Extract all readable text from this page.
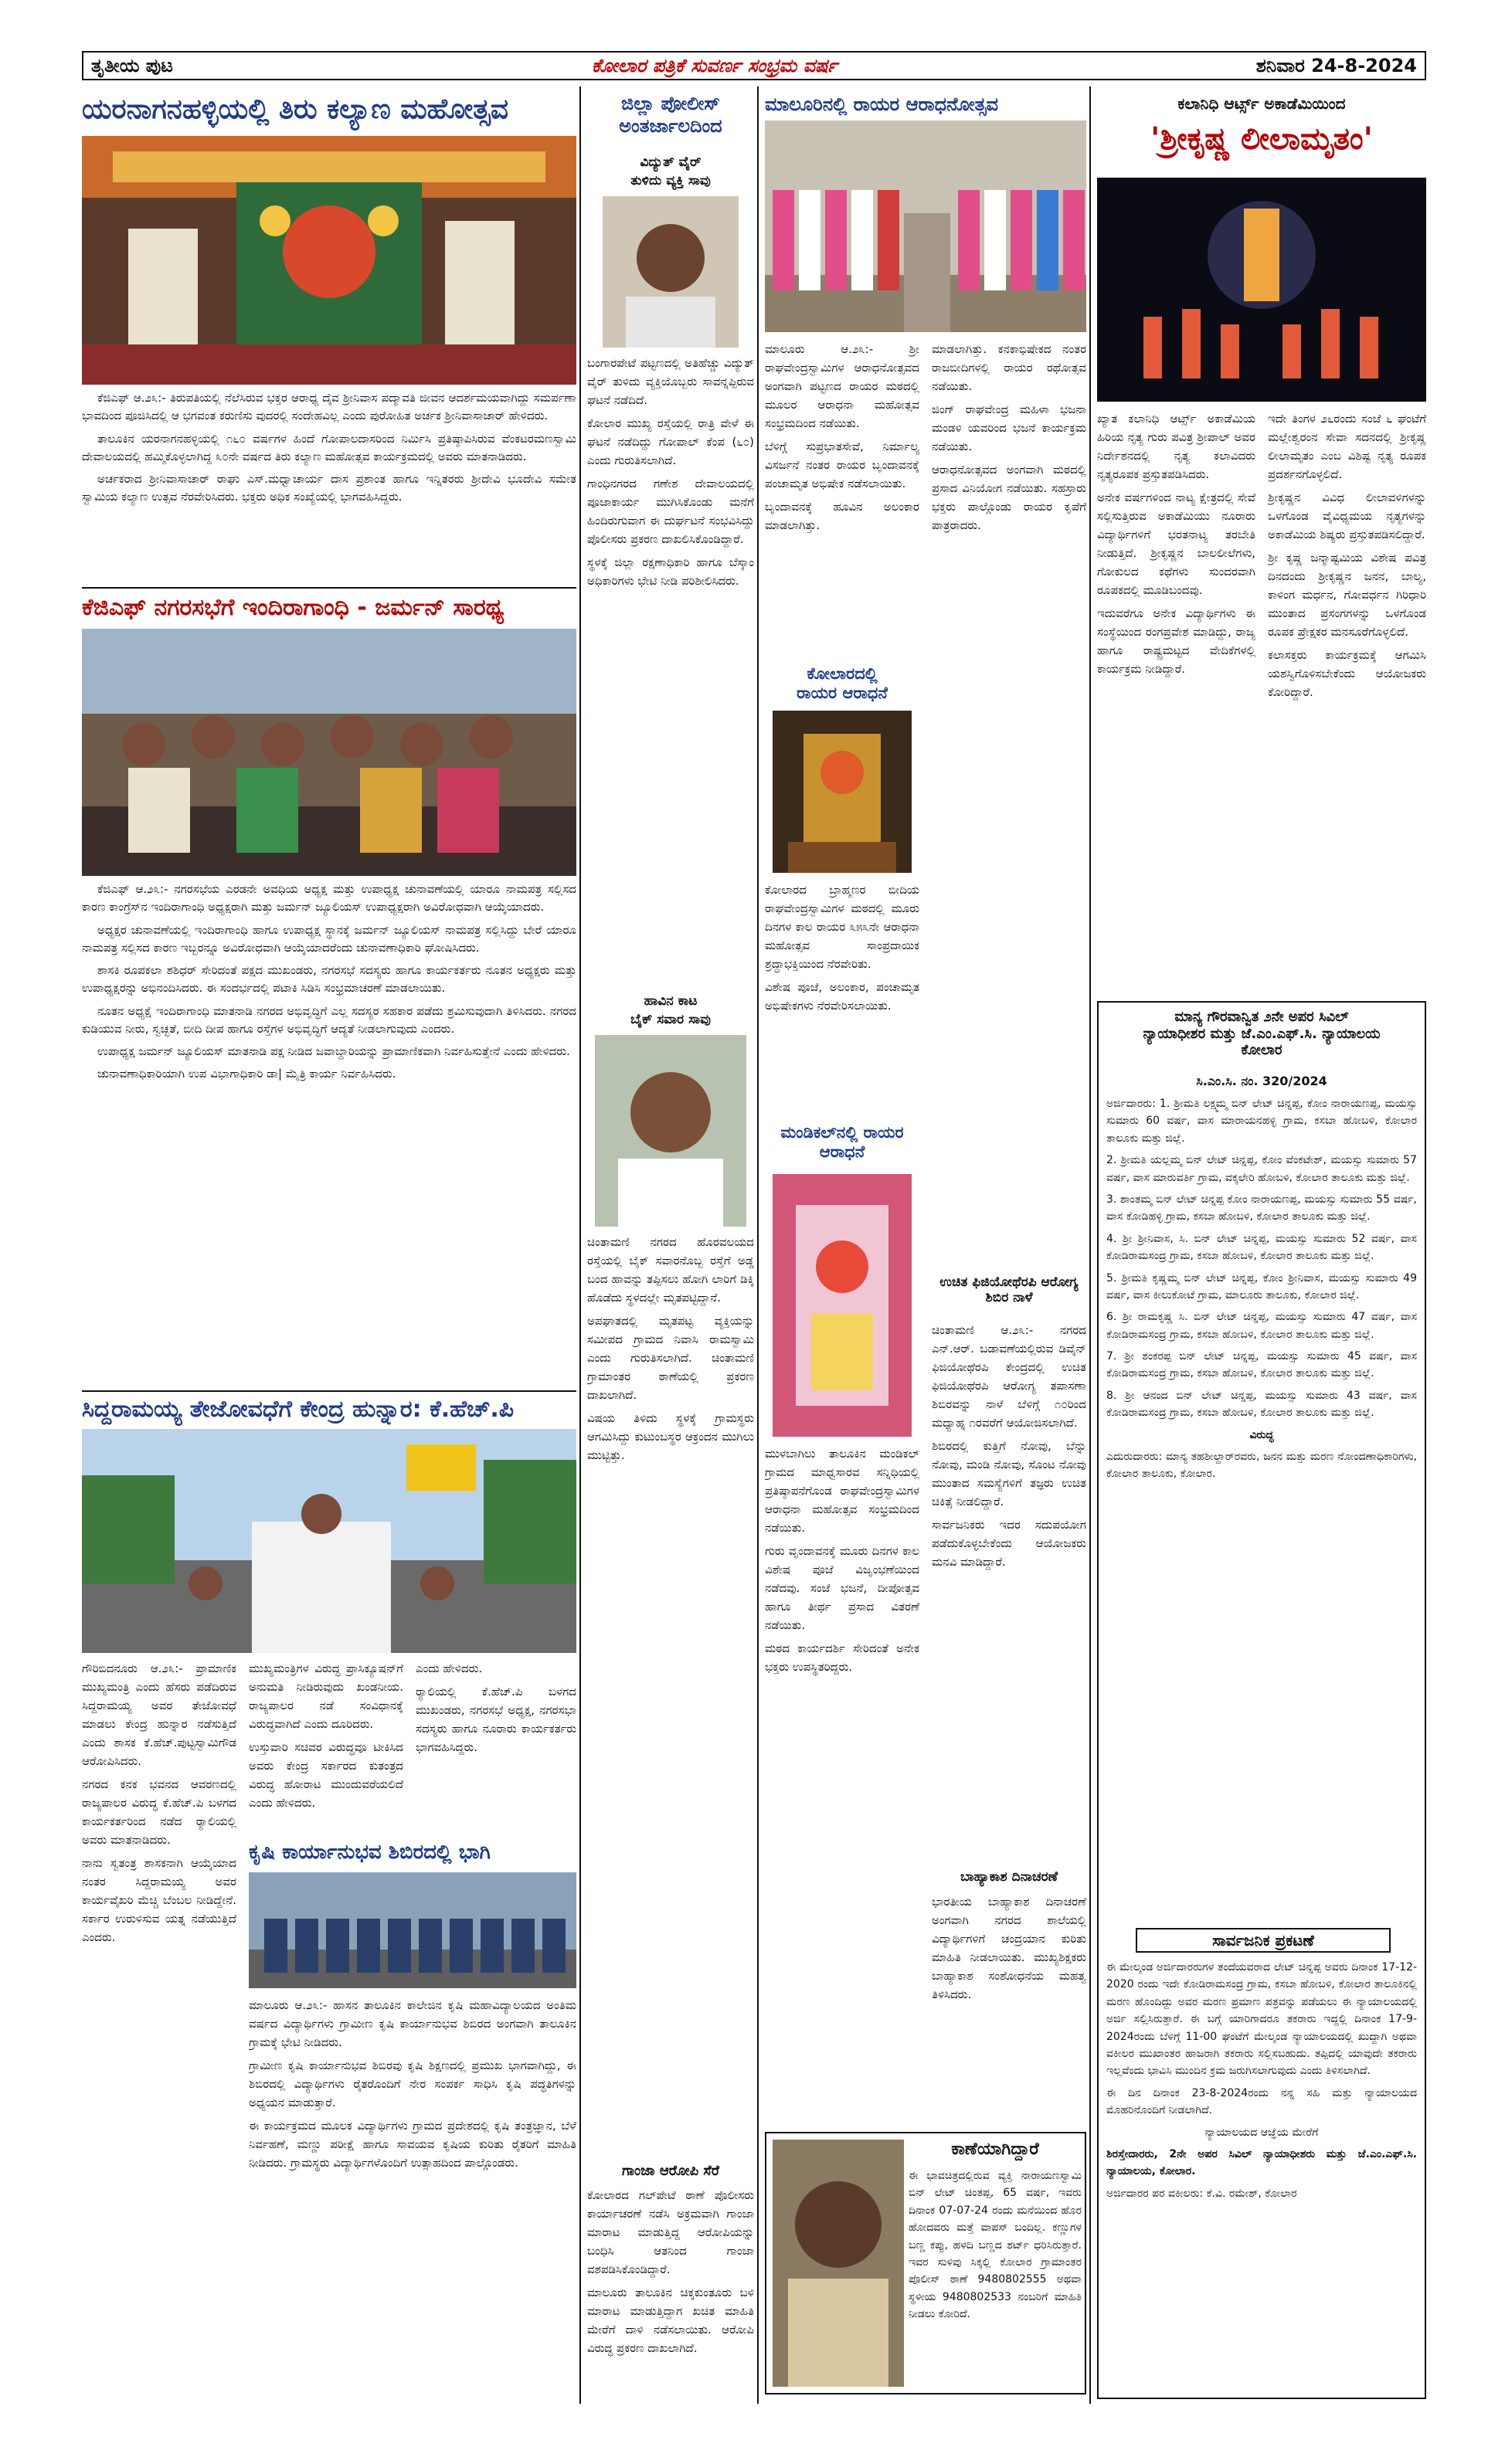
ತೃತೀಯ ಪುಟ	ಕೋಲಾರ ಪತ್ರಿಕೆ ಸುವರ್ಣ ಸಂಭ್ರಮ ವರ್ಷ	ಶನಿವಾರ 24-8-2024
ಯರನಾಗನಹಳ್ಳಿಯಲ್ಲಿ ತಿರು ಕಲ್ಯಾಣ ಮಹೋತ್ಸವ

ಕೆಜಿಎಫ್ ಆ.೨೩:- ತಿರುಪತಿಯಲ್ಲಿ ನೆಲೆಸಿರುವ ಭಕ್ತರ ಆರಾಧ್ಯ ದೈವ ಶ್ರೀನಿವಾಸ ಪದ್ಮಾವತಿ ಜೀವನ ಆದರ್ಶಮಯವಾಗಿದ್ದು ಸಮರ್ಪಣಾ ಭಾವದಿಂದ ಪೂಜಿಸಿದಲ್ಲಿ ಆ ಭಗವಂತ ಕರುಣಿಸು ವುದರಲ್ಲಿ ಸಂದೇಹವಿಲ್ಲ ಎಂದು ಪುರೋಹಿತ ಅರ್ಚಕ ಶ್ರೀನಿವಾಸಾಚಾರ್ ಹೇಳಿದರು.

ತಾಲೂಕಿನ ಯರನಾಗನಹಳ್ಳಿಯಲ್ಲಿ ೧೬೦ ವರ್ಷಗಳ ಹಿಂದೆ ಗೋಪಾಲದಾಸರಿಂದ ನಿರ್ಮಿಸಿ ಪ್ರತಿಷ್ಠಾಪಿಸಿರುವ ವೆಂಕಟರಮಣಸ್ವಾಮಿ ದೇವಾಲಯದಲ್ಲಿ ಹಮ್ಮಿಕೊಳ್ಳಲಾಗಿದ್ದ ೩೦ನೇ ವರ್ಷದ ತಿರು ಕಲ್ಯಾಣ ಮಹೋತ್ಸವ ಕಾರ್ಯಕ್ರಮದಲ್ಲಿ ಅವರು ಮಾತನಾಡಿದರು.

ಅರ್ಚಕರಾದ ಶ್ರೀನಿವಾಸಾಚಾರ್ ರಾಘು ಎಸ್.ಮಧ್ವಾಚಾರ್ಯ ದಾಸ ಪ್ರಶಾಂತ ಹಾಗೂ ಇನ್ನಿತರರು ಶ್ರೀದೇವಿ ಭೂದೇವಿ ಸಮೇತ ಸ್ವಾಮಿಯ ಕಲ್ಯಾಣ ಉತ್ಸವ ನೆರವೇರಿಸಿದರು. ಭಕ್ತರು ಅಧಿಕ ಸಂಖ್ಯೆಯಲ್ಲಿ ಭಾಗವಹಿಸಿದ್ದರು.

ಕೆಜಿಎಫ್ ನಗರಸಭೆಗೆ ಇಂದಿರಾಗಾಂಧಿ - ಜರ್ಮನ್ ಸಾರಥ್ಯ

ಕೆಜಿಎಫ್ ಆ.೨೩:- ನಗರಸಭೆಯ ಎರಡನೇ ಅವಧಿಯ ಅಧ್ಯಕ್ಷ ಮತ್ತು ಉಪಾಧ್ಯಕ್ಷ ಚುನಾವಣೆಯಲ್ಲಿ ಯಾರೂ ನಾಮಪತ್ರ ಸಲ್ಲಿಸದ ಕಾರಣ ಕಾಂಗ್ರೆಸ್‌ನ ಇಂದಿರಾಗಾಂಧಿ ಅಧ್ಯಕ್ಷರಾಗಿ ಮತ್ತು ಜರ್ಮನ್ ಜ್ಯೂಲಿಯಸ್ ಉಪಾಧ್ಯಕ್ಷರಾಗಿ ಅವಿರೋಧವಾಗಿ ಆಯ್ಕೆಯಾದರು.

ಅಧ್ಯಕ್ಷರ ಚುನಾವಣೆಯಲ್ಲಿ ಇಂದಿರಾಗಾಂಧಿ ಹಾಗೂ ಉಪಾಧ್ಯಕ್ಷ ಸ್ಥಾನಕ್ಕೆ ಜರ್ಮನ್ ಜ್ಯೂಲಿಯಸ್ ನಾಮಪತ್ರ ಸಲ್ಲಿಸಿದ್ದು ಬೇರೆ ಯಾರೂ ನಾಮಪತ್ರ ಸಲ್ಲಿಸದ ಕಾರಣ ಇಬ್ಬರನ್ನೂ ಅವಿರೋಧವಾಗಿ ಆಯ್ಕೆಯಾದರೆಂದು ಚುನಾವಣಾಧಿಕಾರಿ ಘೋಷಿಸಿದರು.

ಶಾಸಕಿ ರೂಪಕಲಾ ಶಶಿಧರ್ ಸೇರಿದಂತೆ ಪಕ್ಷದ ಮುಖಂಡರು, ನಗರಸಭೆ ಸದಸ್ಯರು ಹಾಗೂ ಕಾರ್ಯಕರ್ತರು ನೂತನ ಅಧ್ಯಕ್ಷರು ಮತ್ತು ಉಪಾಧ್ಯಕ್ಷರನ್ನು ಅಭಿನಂದಿಸಿದರು. ಈ ಸಂದರ್ಭದಲ್ಲಿ ಪಟಾಕಿ ಸಿಡಿಸಿ ಸಂಭ್ರಮಾಚರಣೆ ಮಾಡಲಾಯಿತು.

ನೂತನ ಅಧ್ಯಕ್ಷೆ ಇಂದಿರಾಗಾಂಧಿ ಮಾತನಾಡಿ ನಗರದ ಅಭಿವೃದ್ಧಿಗೆ ಎಲ್ಲ ಸದಸ್ಯರ ಸಹಕಾರ ಪಡೆದು ಶ್ರಮಿಸುವುದಾಗಿ ತಿಳಿಸಿದರು. ನಗರದ ಕುಡಿಯುವ ನೀರು, ಸ್ವಚ್ಛತೆ, ಬೀದಿ ದೀಪ ಹಾಗೂ ರಸ್ತೆಗಳ ಅಭಿವೃದ್ಧಿಗೆ ಆದ್ಯತೆ ನೀಡಲಾಗುವುದು ಎಂದರು.

ಉಪಾಧ್ಯಕ್ಷ ಜರ್ಮನ್ ಜ್ಯೂಲಿಯಸ್ ಮಾತನಾಡಿ ಪಕ್ಷ ನೀಡಿದ ಜವಾಬ್ದಾರಿಯನ್ನು ಪ್ರಾಮಾಣಿಕವಾಗಿ ನಿರ್ವಹಿಸುತ್ತೇನೆ ಎಂದು ಹೇಳಿದರು.

ಚುನಾವಣಾಧಿಕಾರಿಯಾಗಿ ಉಪ ವಿಭಾಗಾಧಿಕಾರಿ ಡಾ| ಮೈತ್ರಿ ಕಾರ್ಯ ನಿರ್ವಹಿಸಿದರು.

ಸಿದ್ದರಾಮಯ್ಯ ತೇಜೋವಧೆಗೆ ಕೇಂದ್ರ ಹುನ್ನಾರ: ಕೆ.ಹೆಚ್.ಪಿ

ಗೌರಿಬಿದನೂರು ಆ.೨೩:- ಪ್ರಾಮಾಣಿಕ ಮುಖ್ಯಮಂತ್ರಿ ಎಂದು ಹೆಸರು ಪಡೆದಿರುವ ಸಿದ್ದರಾಮಯ್ಯ ಅವರ ತೇಜೋವಧೆ ಮಾಡಲು ಕೇಂದ್ರ ಹುನ್ನಾರ ನಡೆಸುತ್ತಿದೆ ಎಂದು ಶಾಸಕ ಕೆ.ಹೆಚ್.ಪುಟ್ಟಸ್ವಾಮಿಗೌಡ ಆರೋಪಿಸಿದರು.

ನಗರದ ಕನಕ ಭವನದ ಆವರಣದಲ್ಲಿ ರಾಜ್ಯಪಾಲರ ವಿರುದ್ಧ ಕೆ.ಹೆಚ್.ಪಿ ಬಳಗದ ಕಾರ್ಯಕರ್ತರಿಂದ ನಡೆದ ರ್‍ಯಾಲಿಯಲ್ಲಿ ಅವರು ಮಾತನಾಡಿದರು.

ನಾನು ಸ್ವತಂತ್ರ ಶಾಸಕನಾಗಿ ಆಯ್ಕೆಯಾದ ನಂತರ ಸಿದ್ದರಾಮಯ್ಯ ಅವರ ಕಾರ್ಯವೈಖರಿ ಮೆಚ್ಚಿ ಬೆಂಬಲ ನೀಡಿದ್ದೇನೆ. ಸರ್ಕಾರ ಉರುಳಿಸುವ ಯತ್ನ ನಡೆಯುತ್ತಿದೆ ಎಂದರು.

ಮುಖ್ಯಮಂತ್ರಿಗಳ ವಿರುದ್ಧ ಪ್ರಾಸಿಕ್ಯೂಷನ್‌ಗೆ ಅನುಮತಿ ನೀಡಿರುವುದು ಖಂಡನೀಯ. ರಾಜ್ಯಪಾಲರ ನಡೆ ಸಂವಿಧಾನಕ್ಕೆ ವಿರುದ್ಧವಾಗಿದೆ ಎಂದು ದೂರಿದರು.

ಉಸ್ತುವಾರಿ ಸಚಿವರ ವಿರುದ್ಧವೂ ಟೀಕಿಸಿದ ಅವರು ಕೇಂದ್ರ ಸರ್ಕಾರದ ಕುತಂತ್ರದ ವಿರುದ್ಧ ಹೋರಾಟ ಮುಂದುವರೆಯಲಿದೆ ಎಂದು ಹೇಳಿದರು.

ಎಂದು ಹೇಳಿದರು.

ರ್‍ಯಾಲಿಯಲ್ಲಿ ಕೆ.ಹೆಚ್.ಪಿ ಬಳಗದ ಮುಖಂಡರು, ನಗರಸಭೆ ಅಧ್ಯಕ್ಷ, ನಗರಸಭಾ ಸದಸ್ಯರು ಹಾಗೂ ನೂರಾರು ಕಾರ್ಯಕರ್ತರು ಭಾಗವಹಿಸಿದ್ದರು.

ಕೃಷಿ ಕಾರ್ಯಾನುಭವ ಶಿಬಿರದಲ್ಲಿ ಭಾಗಿ

ಮಾಲೂರು ಆ.೨೩:- ಹಾಸನ ತಾಲೂಕಿನ ಕಾಲೇಜಿನ ಕೃಷಿ ಮಹಾವಿದ್ಯಾಲಯದ ಅಂತಿಮ ವರ್ಷದ ವಿದ್ಯಾರ್ಥಿಗಳು ಗ್ರಾಮೀಣ ಕೃಷಿ ಕಾರ್ಯಾನುಭವ ಶಿಬಿರದ ಅಂಗವಾಗಿ ತಾಲೂಕಿನ ಗ್ರಾಮಕ್ಕೆ ಭೇಟಿ ನೀಡಿದರು.

ಗ್ರಾಮೀಣ ಕೃಷಿ ಕಾರ್ಯಾನುಭವ ಶಿಬಿರವು ಕೃಷಿ ಶಿಕ್ಷಣದಲ್ಲಿ ಪ್ರಮುಖ ಭಾಗವಾಗಿದ್ದು, ಈ ಶಿಬಿರದಲ್ಲಿ ವಿದ್ಯಾರ್ಥಿಗಳು ರೈತರೊಂದಿಗೆ ನೇರ ಸಂಪರ್ಕ ಸಾಧಿಸಿ ಕೃಷಿ ಪದ್ಧತಿಗಳನ್ನು ಅಧ್ಯಯನ ಮಾಡುತ್ತಾರೆ.

ಈ ಕಾರ್ಯಕ್ರಮದ ಮೂಲಕ ವಿದ್ಯಾರ್ಥಿಗಳು ಗ್ರಾಮದ ಪ್ರದೇಶದಲ್ಲಿ ಕೃಷಿ ತಂತ್ರಜ್ಞಾನ, ಬೆಳೆ ನಿರ್ವಹಣೆ, ಮಣ್ಣು ಪರೀಕ್ಷೆ ಹಾಗೂ ಸಾವಯವ ಕೃಷಿಯ ಕುರಿತು ರೈತರಿಗೆ ಮಾಹಿತಿ ನೀಡಿದರು. ಗ್ರಾಮಸ್ಥರು ವಿದ್ಯಾರ್ಥಿಗಳೊಂದಿಗೆ ಉತ್ಸಾಹದಿಂದ ಪಾಲ್ಗೊಂಡರು.

ಜಿಲ್ಲಾ ಪೋಲೀಸ್
ಅಂತರ್ಜಾಲದಿಂದ
ವಿದ್ಯುತ್ ವೈರ್
ತುಳಿದು ವ್ಯಕ್ತಿ ಸಾವು

ಬಂಗಾರಪೇಟೆ ಪಟ್ಟಣದಲ್ಲಿ ಅತಿಹೆಚ್ಚು ವಿದ್ಯುತ್ ವೈರ್ ತುಳಿದು ವ್ಯಕ್ತಿಯೊಬ್ಬರು ಸಾವನ್ನಪ್ಪಿರುವ ಘಟನೆ ನಡೆದಿದೆ.

ಕೋಲಾರ ಮುಖ್ಯ ರಸ್ತೆಯಲ್ಲಿ ರಾತ್ರಿ ವೇಳೆ ಈ ಘಟನೆ ನಡೆದಿದ್ದು ಗೋಪಾಲ್ ಕೆಂಪ (೬೦) ಎಂದು ಗುರುತಿಸಲಾಗಿದೆ.

ಗಾಂಧಿನಗರದ ಗಣೇಶ ದೇವಾಲಯದಲ್ಲಿ ಪೂಜಾಕಾರ್ಯ ಮುಗಿಸಿಕೊಂಡು ಮನೆಗೆ ಹಿಂದಿರುಗುವಾಗ ಈ ದುರ್ಘಟನೆ ಸಂಭವಿಸಿದ್ದು ಪೊಲೀಸರು ಪ್ರಕರಣ ದಾಖಲಿಸಿಕೊಂಡಿದ್ದಾರೆ.

ಸ್ಥಳಕ್ಕೆ ಜಿಲ್ಲಾ ರಕ್ಷಣಾಧಿಕಾರಿ ಹಾಗೂ ಬೆಸ್ಕಾಂ ಅಧಿಕಾರಿಗಳು ಭೇಟಿ ನೀಡಿ ಪರಿಶೀಲಿಸಿದರು.

ಹಾವಿನ ಕಾಟ
ಬೈಕ್ ಸವಾರ ಸಾವು

ಚಿಂತಾಮಣಿ ನಗರದ ಹೊರವಲಯದ ರಸ್ತೆಯಲ್ಲಿ ಬೈಕ್ ಸವಾರನೊಬ್ಬ ರಸ್ತೆಗೆ ಅಡ್ಡ ಬಂದ ಹಾವನ್ನು ತಪ್ಪಿಸಲು ಹೋಗಿ ಲಾರಿಗೆ ಡಿಕ್ಕಿ ಹೊಡೆದು ಸ್ಥಳದಲ್ಲೇ ಮೃತಪಟ್ಟಿದ್ದಾನೆ.

ಅಪಘಾತದಲ್ಲಿ ಮೃತಪಟ್ಟ ವ್ಯಕ್ತಿಯನ್ನು ಸಮೀಪದ ಗ್ರಾಮದ ನಿವಾಸಿ ರಾಮಸ್ವಾಮಿ ಎಂದು ಗುರುತಿಸಲಾಗಿದೆ. ಚಿಂತಾಮಣಿ ಗ್ರಾಮಾಂತರ ಠಾಣೆಯಲ್ಲಿ ಪ್ರಕರಣ ದಾಖಲಾಗಿದೆ.

ವಿಷಯ ತಿಳಿದು ಸ್ಥಳಕ್ಕೆ ಗ್ರಾಮಸ್ಥರು ಆಗಮಿಸಿದ್ದು ಕುಟುಂಬಸ್ಥರ ಆಕ್ರಂದನ ಮುಗಿಲು ಮುಟ್ಟಿತ್ತು.

ಗಾಂಜಾ ಆರೋಪಿ ಸೆರೆ

ಕೋಲಾರದ ಗಲ್‌ಪೇಟೆ ಠಾಣೆ ಪೊಲೀಸರು ಕಾರ್ಯಾಚರಣೆ ನಡೆಸಿ ಅಕ್ರಮವಾಗಿ ಗಾಂಜಾ ಮಾರಾಟ ಮಾಡುತ್ತಿದ್ದ ಆರೋಪಿಯನ್ನು ಬಂಧಿಸಿ ಆತನಿಂದ ಗಾಂಜಾ ವಶಪಡಿಸಿಕೊಂಡಿದ್ದಾರೆ.

ಮಾಲೂರು ತಾಲೂಕಿನ ಚಿಕ್ಕಕುಂತೂರು ಬಳಿ ಮಾರಾಟ ಮಾಡುತ್ತಿದ್ದಾಗ ಖಚಿತ ಮಾಹಿತಿ ಮೇರೆಗೆ ದಾಳಿ ನಡೆಸಲಾಯಿತು. ಆರೋಪಿ ವಿರುದ್ಧ ಪ್ರಕರಣ ದಾಖಲಾಗಿದೆ.

ಮಾಲೂರಿನಲ್ಲಿ ರಾಯರ ಆರಾಧನೋತ್ಸವ

ಮಾಲೂರು ಆ.೨೩:- ಶ್ರೀ ರಾಘವೇಂದ್ರಸ್ವಾಮಿಗಳ ಆರಾಧನೋತ್ಸವದ ಅಂಗವಾಗಿ ಪಟ್ಟಣದ ರಾಯರ ಮಠದಲ್ಲಿ ಮೂಲರ ಆರಾಧನಾ ಮಹೋತ್ಸವ ಸಂಭ್ರಮದಿಂದ ನಡೆಯಿತು.

ಬೆಳಿಗ್ಗೆ ಸುಪ್ರಭಾತಸೇವೆ, ನಿರ್ಮಾಲ್ಯ ವಿಸರ್ಜನೆ ನಂತರ ರಾಯರ ಬೃಂದಾವನಕ್ಕೆ ಪಂಚಾಮೃತ ಅಭಿಷೇಕ ನಡೆಸಲಾಯಿತು.

ಬೃಂದಾವನಕ್ಕೆ ಹೂವಿನ ಅಲಂಕಾರ ಮಾಡಲಾಗಿತ್ತು.

ಮಾಡಲಾಗಿತ್ತು. ಕನಕಾಭಿಷೇಕದ ನಂತರ ರಾಜಬೀದಿಗಳಲ್ಲಿ ರಾಯರ ರಥೋತ್ಸವ ನಡೆಯಿತು.

ಜಿಂಗ್ ರಾಘವೇಂದ್ರ ಮಹಿಳಾ ಭಜನಾ ಮಂಡಳಿ ಯವರಿಂದ ಭಜನೆ ಕಾರ್ಯಕ್ರಮ ನಡೆಯಿತು.

ಆರಾಧನೋತ್ಸವದ ಅಂಗವಾಗಿ ಮಠದಲ್ಲಿ ಪ್ರಸಾದ ವಿನಿಯೋಗ ನಡೆಯಿತು. ಸಹಸ್ರಾರು ಭಕ್ತರು ಪಾಲ್ಗೊಂಡು ರಾಯರ ಕೃಪೆಗೆ ಪಾತ್ರರಾದರು.

ಕೋಲಾರದಲ್ಲಿ
ರಾಯರ ಆರಾಧನೆ

ಕೋಲಾರದ ಬ್ರಾಹ್ಮಣರ ಬೀದಿಯ ರಾಘವೇಂದ್ರಸ್ವಾಮಿಗಳ ಮಠದಲ್ಲಿ ಮೂರು ದಿನಗಳ ಕಾಲ ರಾಯರ ೩೫೩ನೇ ಆರಾಧನಾ ಮಹೋತ್ಸವ ಸಾಂಪ್ರದಾಯಿಕ ಶ್ರದ್ಧಾಭಕ್ತಿಯಿಂದ ನೆರವೇರಿತು.

ವಿಶೇಷ ಪೂಜೆ, ಅಲಂಕಾರ, ಪಂಚಾಮೃತ ಅಭಿಷೇಕಗಳು ನೆರವೇರಿಸಲಾಯಿತು.

ಮಂಡಿಕಲ್‌ನಲ್ಲಿ ರಾಯರ ಆರಾಧನೆ

ಮುಳಬಾಗಿಲು ತಾಲೂಕಿನ ಮಂಡಿಕಲ್ ಗ್ರಾಮದ ಮಾಧ್ವಸಾರವ ಸನ್ನಿಧಿಯಲ್ಲಿ ಪ್ರತಿಷ್ಠಾಪನೆಗೊಂಡ ರಾಘವೇಂದ್ರಸ್ವಾಮಿಗಳ ಆರಾಧನಾ ಮಹೋತ್ಸವ ಸಂಭ್ರಮದಿಂದ ನಡೆಯಿತು.

ಗುರು ವೃಂದಾವನಕ್ಕೆ ಮೂರು ದಿನಗಳ ಕಾಲ ವಿಶೇಷ ಪೂಜೆ ವಿಜೃಂಭಣೆಯಿಂದ ನಡೆದವು. ಸಂಜೆ ಭಜನೆ, ದೀಪೋತ್ಸವ ಹಾಗೂ ತೀರ್ಥ ಪ್ರಸಾದ ವಿತರಣೆ ನಡೆಯಿತು.

ಮಠದ ಕಾರ್ಯದರ್ಶಿ ಸೇರಿದಂತೆ ಅನೇಕ ಭಕ್ತರು ಉಪಸ್ಥಿತರಿದ್ದರು.

ಉಚಿತ ಫಿಜಿಯೋಥೆರಪಿ ಆರೋಗ್ಯ ಶಿಬಿರ ನಾಳೆ

ಚಿಂತಾಮಣಿ ಆ.೨೩:- ನಗರದ ಎನ್.ಆರ್. ಬಡಾವಣೆಯಲ್ಲಿರುವ ಡಿವೈನ್ ಫಿಜಿಯೋಥೆರಪಿ ಕೇಂದ್ರದಲ್ಲಿ ಉಚಿತ ಫಿಜಿಯೋಥೆರಪಿ ಆರೋಗ್ಯ ತಪಾಸಣಾ ಶಿಬಿರವನ್ನು ನಾಳೆ ಬೆಳಿಗ್ಗೆ ೧೦ರಿಂದ ಮಧ್ಯಾಹ್ನ ೧ರವರೆಗೆ ಆಯೋಜಿಸಲಾಗಿದೆ.

ಶಿಬಿರದಲ್ಲಿ ಕುತ್ತಿಗೆ ನೋವು, ಬೆನ್ನು ನೋವು, ಮಂಡಿ ನೋವು, ಸೊಂಟ ನೋವು ಮುಂತಾದ ಸಮಸ್ಯೆಗಳಿಗೆ ತಜ್ಞರು ಉಚಿತ ಚಿಕಿತ್ಸೆ ನೀಡಲಿದ್ದಾರೆ.

ಸಾರ್ವಜನಿಕರು ಇದರ ಸದುಪಯೋಗ ಪಡೆದುಕೊಳ್ಳಬೇಕೆಂದು ಆಯೋಜಕರು ಮನವಿ ಮಾಡಿದ್ದಾರೆ.

ಬಾಹ್ಯಾಕಾಶ ದಿನಾಚರಣೆ

ಭಾರತೀಯ ಬಾಹ್ಯಾಕಾಶ ದಿನಾಚರಣೆ ಅಂಗವಾಗಿ ನಗರದ ಶಾಲೆಯಲ್ಲಿ ವಿದ್ಯಾರ್ಥಿಗಳಿಗೆ ಚಂದ್ರಯಾನ ಕುರಿತು ಮಾಹಿತಿ ನೀಡಲಾಯಿತು. ಮುಖ್ಯಶಿಕ್ಷಕರು ಬಾಹ್ಯಾಕಾಶ ಸಂಶೋಧನೆಯ ಮಹತ್ವ ತಿಳಿಸಿದರು.

ಕಾಣೆಯಾಗಿದ್ದಾರೆ
ಈ ಭಾವಚಿತ್ರದಲ್ಲಿರುವ ವ್ಯಕ್ತಿ ನಾರಾಯಣಸ್ವಾಮಿ ಬಿನ್ ಲೇಟ್ ಚಿಂತಪ್ಪ, 65 ವರ್ಷ, ಇವರು ದಿನಾಂಕ 07-07-24 ರಂದು ಮನೆಯಿಂದ ಹೊರ ಹೋದವರು ಮತ್ತೆ ವಾಪಸ್ ಬಂದಿಲ್ಲ. ಕಣ್ಣುಗಳ ಬಣ್ಣ ಕಪ್ಪು, ಹಳದಿ ಬಣ್ಣದ ಶರ್ಟ್ ಧರಿಸಿರುತ್ತಾರೆ. ಇವರ ಸುಳಿವು ಸಿಕ್ಕಲ್ಲಿ ಕೋಲಾರ ಗ್ರಾಮಾಂತರ ಪೊಲೀಸ್ ಠಾಣೆ 9480802555 ಅಥವಾ ಸ್ಥಳೀಯ 9480802533 ನಂಬರಿಗೆ ಮಾಹಿತಿ ನೀಡಲು ಕೋರಿದೆ.
ಕಲಾನಿಧಿ ಆರ್ಟ್ಸ್ ಅಕಾಡೆಮಿಯಿಂದ
'ಶ್ರೀಕೃಷ್ಣ ಲೀಲಾಮೃತಂ'

ಖ್ಯಾತ ಕಲಾನಿಧಿ ಆರ್ಟ್ಸ್ ಅಕಾಡೆಮಿಯ ಹಿರಿಯ ನೃತ್ಯ ಗುರು ಪವಿತ್ರ ಶ್ರೀಪಾಲ್ ಅವರ ನಿರ್ದೇಶನದಲ್ಲಿ ನೃತ್ಯ ಕಲಾವಿದರು ನೃತ್ಯರೂಪಕ ಪ್ರಸ್ತುತಪಡಿಸಿದರು.

ಅನೇಕ ವರ್ಷಗಳಿಂದ ನಾಟ್ಯ ಕ್ಷೇತ್ರದಲ್ಲಿ ಸೇವೆ ಸಲ್ಲಿಸುತ್ತಿರುವ ಅಕಾಡೆಮಿಯು ನೂರಾರು ವಿದ್ಯಾರ್ಥಿಗಳಿಗೆ ಭರತನಾಟ್ಯ ತರಬೇತಿ ನೀಡುತ್ತಿದೆ. ಶ್ರೀಕೃಷ್ಣನ ಬಾಲಲೀಲೆಗಳು, ಗೋಕುಲದ ಕಥೆಗಳು ಸುಂದರವಾಗಿ ರೂಪಕದಲ್ಲಿ ಮೂಡಿಬಂದವು.

ಇದುವರೆಗೂ ಅನೇಕ ವಿದ್ಯಾರ್ಥಿಗಳು ಈ ಸಂಸ್ಥೆಯಿಂದ ರಂಗಪ್ರವೇಶ ಮಾಡಿದ್ದು, ರಾಜ್ಯ ಹಾಗೂ ರಾಷ್ಟ್ರಮಟ್ಟದ ವೇದಿಕೆಗಳಲ್ಲಿ ಕಾರ್ಯಕ್ರಮ ನೀಡಿದ್ದಾರೆ.

ಇದೇ ತಿಂಗಳ ೨೬ರಂದು ಸಂಜೆ ೬ ಘಂಟೆಗೆ ಮಲ್ಲೇಶ್ವರಂನ ಸೇವಾ ಸದನದಲ್ಲಿ ಶ್ರೀಕೃಷ್ಣ ಲೀಲಾಮೃತಂ ಎಂಬ ವಿಶಿಷ್ಟ ನೃತ್ಯ ರೂಪಕ ಪ್ರದರ್ಶನಗೊಳ್ಳಲಿದೆ.

ಶ್ರೀಕೃಷ್ಣನ ವಿವಿಧ ಲೀಲಾವಳಿಗಳನ್ನು ಒಳಗೊಂಡ ವೈವಿಧ್ಯಮಯ ನೃತ್ಯಗಳನ್ನು ಅಕಾಡೆಮಿಯ ಶಿಷ್ಯರು ಪ್ರಸ್ತುತಪಡಿಸಲಿದ್ದಾರೆ.

ಶ್ರೀ ಕೃಷ್ಣ ಜನ್ಮಾಷ್ಟಮಿಯ ವಿಶೇಷ ಪವಿತ್ರ ದಿನದಂದು ಶ್ರೀಕೃಷ್ಣನ ಜನನ, ಬಾಲ್ಯ, ಕಾಳಿಂಗ ಮರ್ಧನ, ಗೋವರ್ಧನ ಗಿರಿಧಾರಿ ಮುಂತಾದ ಪ್ರಸಂಗಗಳನ್ನು ಒಳಗೊಂಡ ರೂಪಕ ಪ್ರೇಕ್ಷಕರ ಮನಸೂರೆಗೊಳ್ಳಲಿದೆ.

ಕಲಾಸಕ್ತರು ಕಾರ್ಯಕ್ರಮಕ್ಕೆ ಆಗಮಿಸಿ ಯಶಸ್ವಿಗೊಳಿಸಬೇಕೆಂದು ಆಯೋಜಕರು ಕೋರಿದ್ದಾರೆ.

ಮಾನ್ಯ ಗೌರವಾನ್ವಿತ ೨ನೇ ಅಪರ ಸಿವಿಲ್
ನ್ಯಾಯಾಧೀಶರ ಮತ್ತು ಜೆ.ಎಂ.ಎಫ್.ಸಿ. ನ್ಯಾಯಾಲಯ
ಕೋಲಾರ
ಸಿ.ಎಂ.ಸಿ. ನಂ. 320/2024

ಅರ್ಜಿದಾರರು: 1. ಶ್ರೀಮತಿ ಲಕ್ಷ್ಮಮ್ಮ ಬಿನ್ ಲೇಟ್ ಚಿನ್ನಪ್ಪ, ಕೋಂ ನಾರಾಯಣಪ್ಪ, ಮಯಸ್ಸು ಸುಮಾರು 60 ವರ್ಷ, ವಾಸ ಮಾರಾಯನಹಳ್ಳಿ ಗ್ರಾಮ, ಕಸಬಾ ಹೋಬಳಿ, ಕೋಲಾರ ತಾಲೂಕು ಮತ್ತು ಜಿಲ್ಲೆ.

2. ಶ್ರೀಮತಿ ಯಲ್ಲಮ್ಮ ಬಿನ್ ಲೇಟ್ ಚಿನ್ನಪ್ಪ, ಕೋಂ ವೆಂಕಟೇಶ್, ಮಯಸ್ಸು ಸುಮಾರು 57 ವರ್ಷ, ವಾಸ ಮಾರುವರ್ತಿ ಗ್ರಾಮ, ವಕ್ಕಲೇರಿ ಹೋಬಳಿ, ಕೋಲಾರ ತಾಲೂಕು ಮತ್ತು ಜಿಲ್ಲೆ.

3. ಶಾಂತಮ್ಮ ಬಿನ್ ಲೇಟ್ ಚಿನ್ನಪ್ಪ ಕೋಂ ನಾರಾಯಣಪ್ಪ, ಮಯಸ್ಸು ಸುಮಾರು 55 ವರ್ಷ, ವಾಸ ಕೋಡಿಹಳ್ಳಿ ಗ್ರಾಮ, ಕಸಬಾ ಹೋಬಳಿ, ಕೋಲಾರ ತಾಲೂಕು ಮತ್ತು ಜಿಲ್ಲೆ.

4. ಶ್ರೀ ಶ್ರೀನಿವಾಸ, ಸಿ. ಬಿನ್ ಲೇಟ್ ಚಿನ್ನಪ್ಪ, ಮಯಸ್ಸು ಸುಮಾರು 52 ವರ್ಷ, ವಾಸ ಕೋಡಿರಾಮಸಂದ್ರ ಗ್ರಾಮ, ಕಸಬಾ ಹೋಬಳಿ, ಕೋಲಾರ ತಾಲೂಕು ಮತ್ತು ಜಿಲ್ಲೆ.

5. ಶ್ರೀಮತಿ ಕೃಷ್ಣಮ್ಮ ಬಿನ್ ಲೇಟ್ ಚಿನ್ನಪ್ಪ, ಕೋಂ ಶ್ರೀನಿವಾಸ, ಮಯಸ್ಸು ಸುಮಾರು 49 ವರ್ಷ, ವಾಸ ಕೀಲುಕೋಟೆ ಗ್ರಾಮ, ಮಾಲೂರು ತಾಲೂಕು, ಕೋಲಾರ ಜಿಲ್ಲೆ.

6. ಶ್ರೀ ರಾಮಕೃಷ್ಣ ಸಿ. ಬಿನ್ ಲೇಟ್ ಚಿನ್ನಪ್ಪ, ಮಯಸ್ಸು ಸುಮಾರು 47 ವರ್ಷ, ವಾಸ ಕೋಡಿರಾಮಸಂದ್ರ ಗ್ರಾಮ, ಕಸಬಾ ಹೋಬಳಿ, ಕೋಲಾರ ತಾಲೂಕು ಮತ್ತು ಜಿಲ್ಲೆ.

7. ಶ್ರೀ ಶಂಕರಪ್ಪ ಬಿನ್ ಲೇಟ್ ಚಿನ್ನಪ್ಪ, ಮಯಸ್ಸು ಸುಮಾರು 45 ವರ್ಷ, ವಾಸ ಕೋಡಿರಾಮಸಂದ್ರ ಗ್ರಾಮ, ಕಸಬಾ ಹೋಬಳಿ, ಕೋಲಾರ ತಾಲೂಕು ಮತ್ತು ಜಿಲ್ಲೆ.

8. ಶ್ರೀ ಆನಂದ ಬಿನ್ ಲೇಟ್ ಚಿನ್ನಪ್ಪ, ಮಯಸ್ಸು ಸುಮಾರು 43 ವರ್ಷ, ವಾಸ ಕೋಡಿರಾಮಸಂದ್ರ ಗ್ರಾಮ, ಕಸಬಾ ಹೋಬಳಿ, ಕೋಲಾರ ತಾಲೂಕು ಮತ್ತು ಜಿಲ್ಲೆ.

ವಿರುದ್ಧ

ಎದುರುದಾರರು: ಮಾನ್ಯ ತಹಶೀಲ್ದಾರ್‌ರವರು, ಜನನ ಮತ್ತು ಮರಣ ನೋಂದಣಾಧಿಕಾರಿಗಳು, ಕೋಲಾರ ತಾಲೂಕು, ಕೋಲಾರ.

ಸಾರ್ವಜನಿಕ ಪ್ರಕಟಣೆ

ಈ ಮೇಲ್ಕಂಡ ಅರ್ಜಿದಾರರುಗಳ ತಂದೆಯವರಾದ ಲೇಟ್ ಚಿನ್ನಪ್ಪ ಅವರು ದಿನಾಂಕ 17-12-2020 ರಂದು ಇದೇ ಕೋಡಿರಾಮಸಂದ್ರ ಗ್ರಾಮ, ಕಸಬಾ ಹೋಬಳಿ, ಕೋಲಾರ ತಾಲೂಕಿನಲ್ಲಿ ಮರಣ ಹೊಂದಿದ್ದು ಅವರ ಮರಣ ಪ್ರಮಾಣ ಪತ್ರವನ್ನು ಪಡೆಯಲು ಈ ನ್ಯಾಯಾಲಯದಲ್ಲಿ ಅರ್ಜಿ ಸಲ್ಲಿಸಿರುತ್ತಾರೆ. ಈ ಬಗ್ಗೆ ಯಾರಿಗಾದರೂ ತಕರಾರು ಇದ್ದಲ್ಲಿ ದಿನಾಂಕ 17-9-2024ರಂದು ಬೆಳಿಗ್ಗೆ 11-00 ಘಂಟೆಗೆ ಮೇಲ್ಕಂಡ ನ್ಯಾಯಾಲಯದಲ್ಲಿ ಖುದ್ದಾಗಿ ಅಥವಾ ವಕೀಲರ ಮುಖಾಂತರ ಹಾಜರಾಗಿ ತಕರಾರು ಸಲ್ಲಿಸಬಹುದು. ತಪ್ಪಿದಲ್ಲಿ ಯಾವುದೇ ತಕರಾರು ಇಲ್ಲವೆಂದು ಭಾವಿಸಿ ಮುಂದಿನ ಕ್ರಮ ಜರುಗಿಸಲಾಗುವುದು ಎಂದು ತಿಳಿಸಲಾಗಿದೆ.

ಈ ದಿನ ದಿನಾಂಕ 23-8-2024ರಂದು ನನ್ನ ಸಹಿ ಮತ್ತು ನ್ಯಾಯಾಲಯದ ಮೊಹರಿನೊಂದಿಗೆ ನೀಡಲಾಗಿದೆ.

ನ್ಯಾಯಾಲಯದ ಆಜ್ಞೆಯ ಮೇರೆಗೆ

ಶಿರಸ್ತೇದಾರರು, 2ನೇ ಅಪರ ಸಿವಿಲ್ ನ್ಯಾಯಾಧೀಶರು ಮತ್ತು ಜೆ.ಎಂ.ಎಫ್.ಸಿ. ನ್ಯಾಯಾಲಯ, ಕೋಲಾರ.

ಅರ್ಜಿದಾರರ ಪರ ವಕೀಲರು: ಕೆ.ವಿ. ರಮೇಶ್, ಕೋಲಾರ
